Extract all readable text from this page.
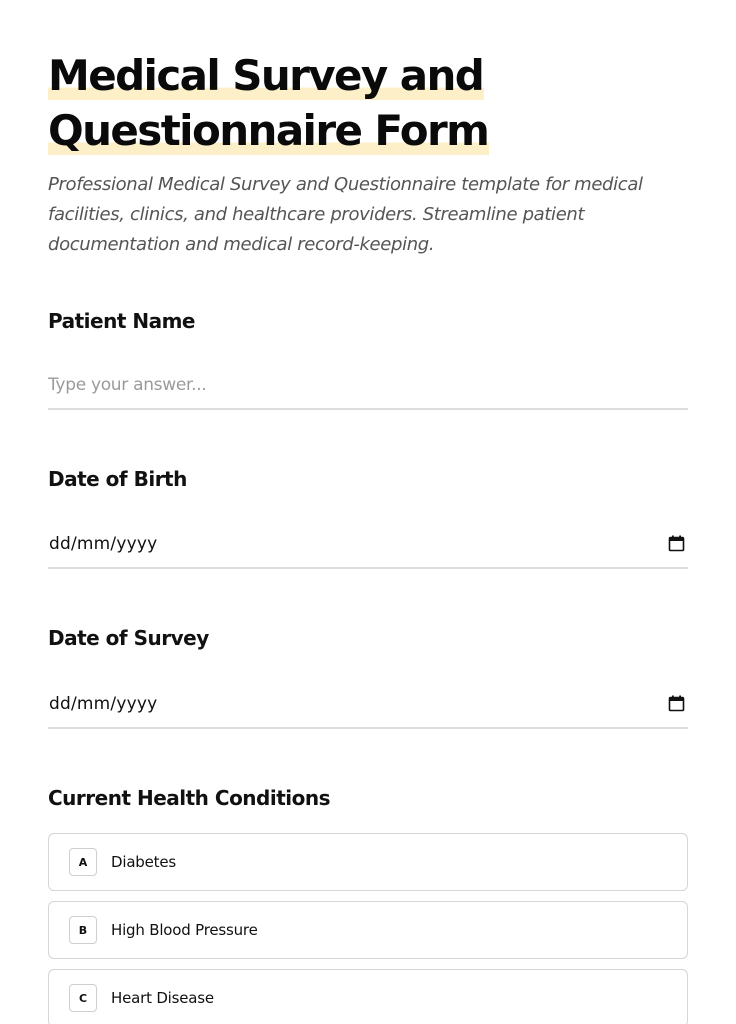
Medical Survey and
Questionnaire Form

Professional Medical Survey and Questionnaire template for medical facilities, clinics, and healthcare providers. Streamline patient documentation and medical record-keeping.

Patient Name
Type your answer...
Date of Birth
dd/mm/yyyy
Date of Survey
dd/mm/yyyy
Current Health Conditions
A	Diabetes
B	High Blood Pressure
C	Heart Disease
